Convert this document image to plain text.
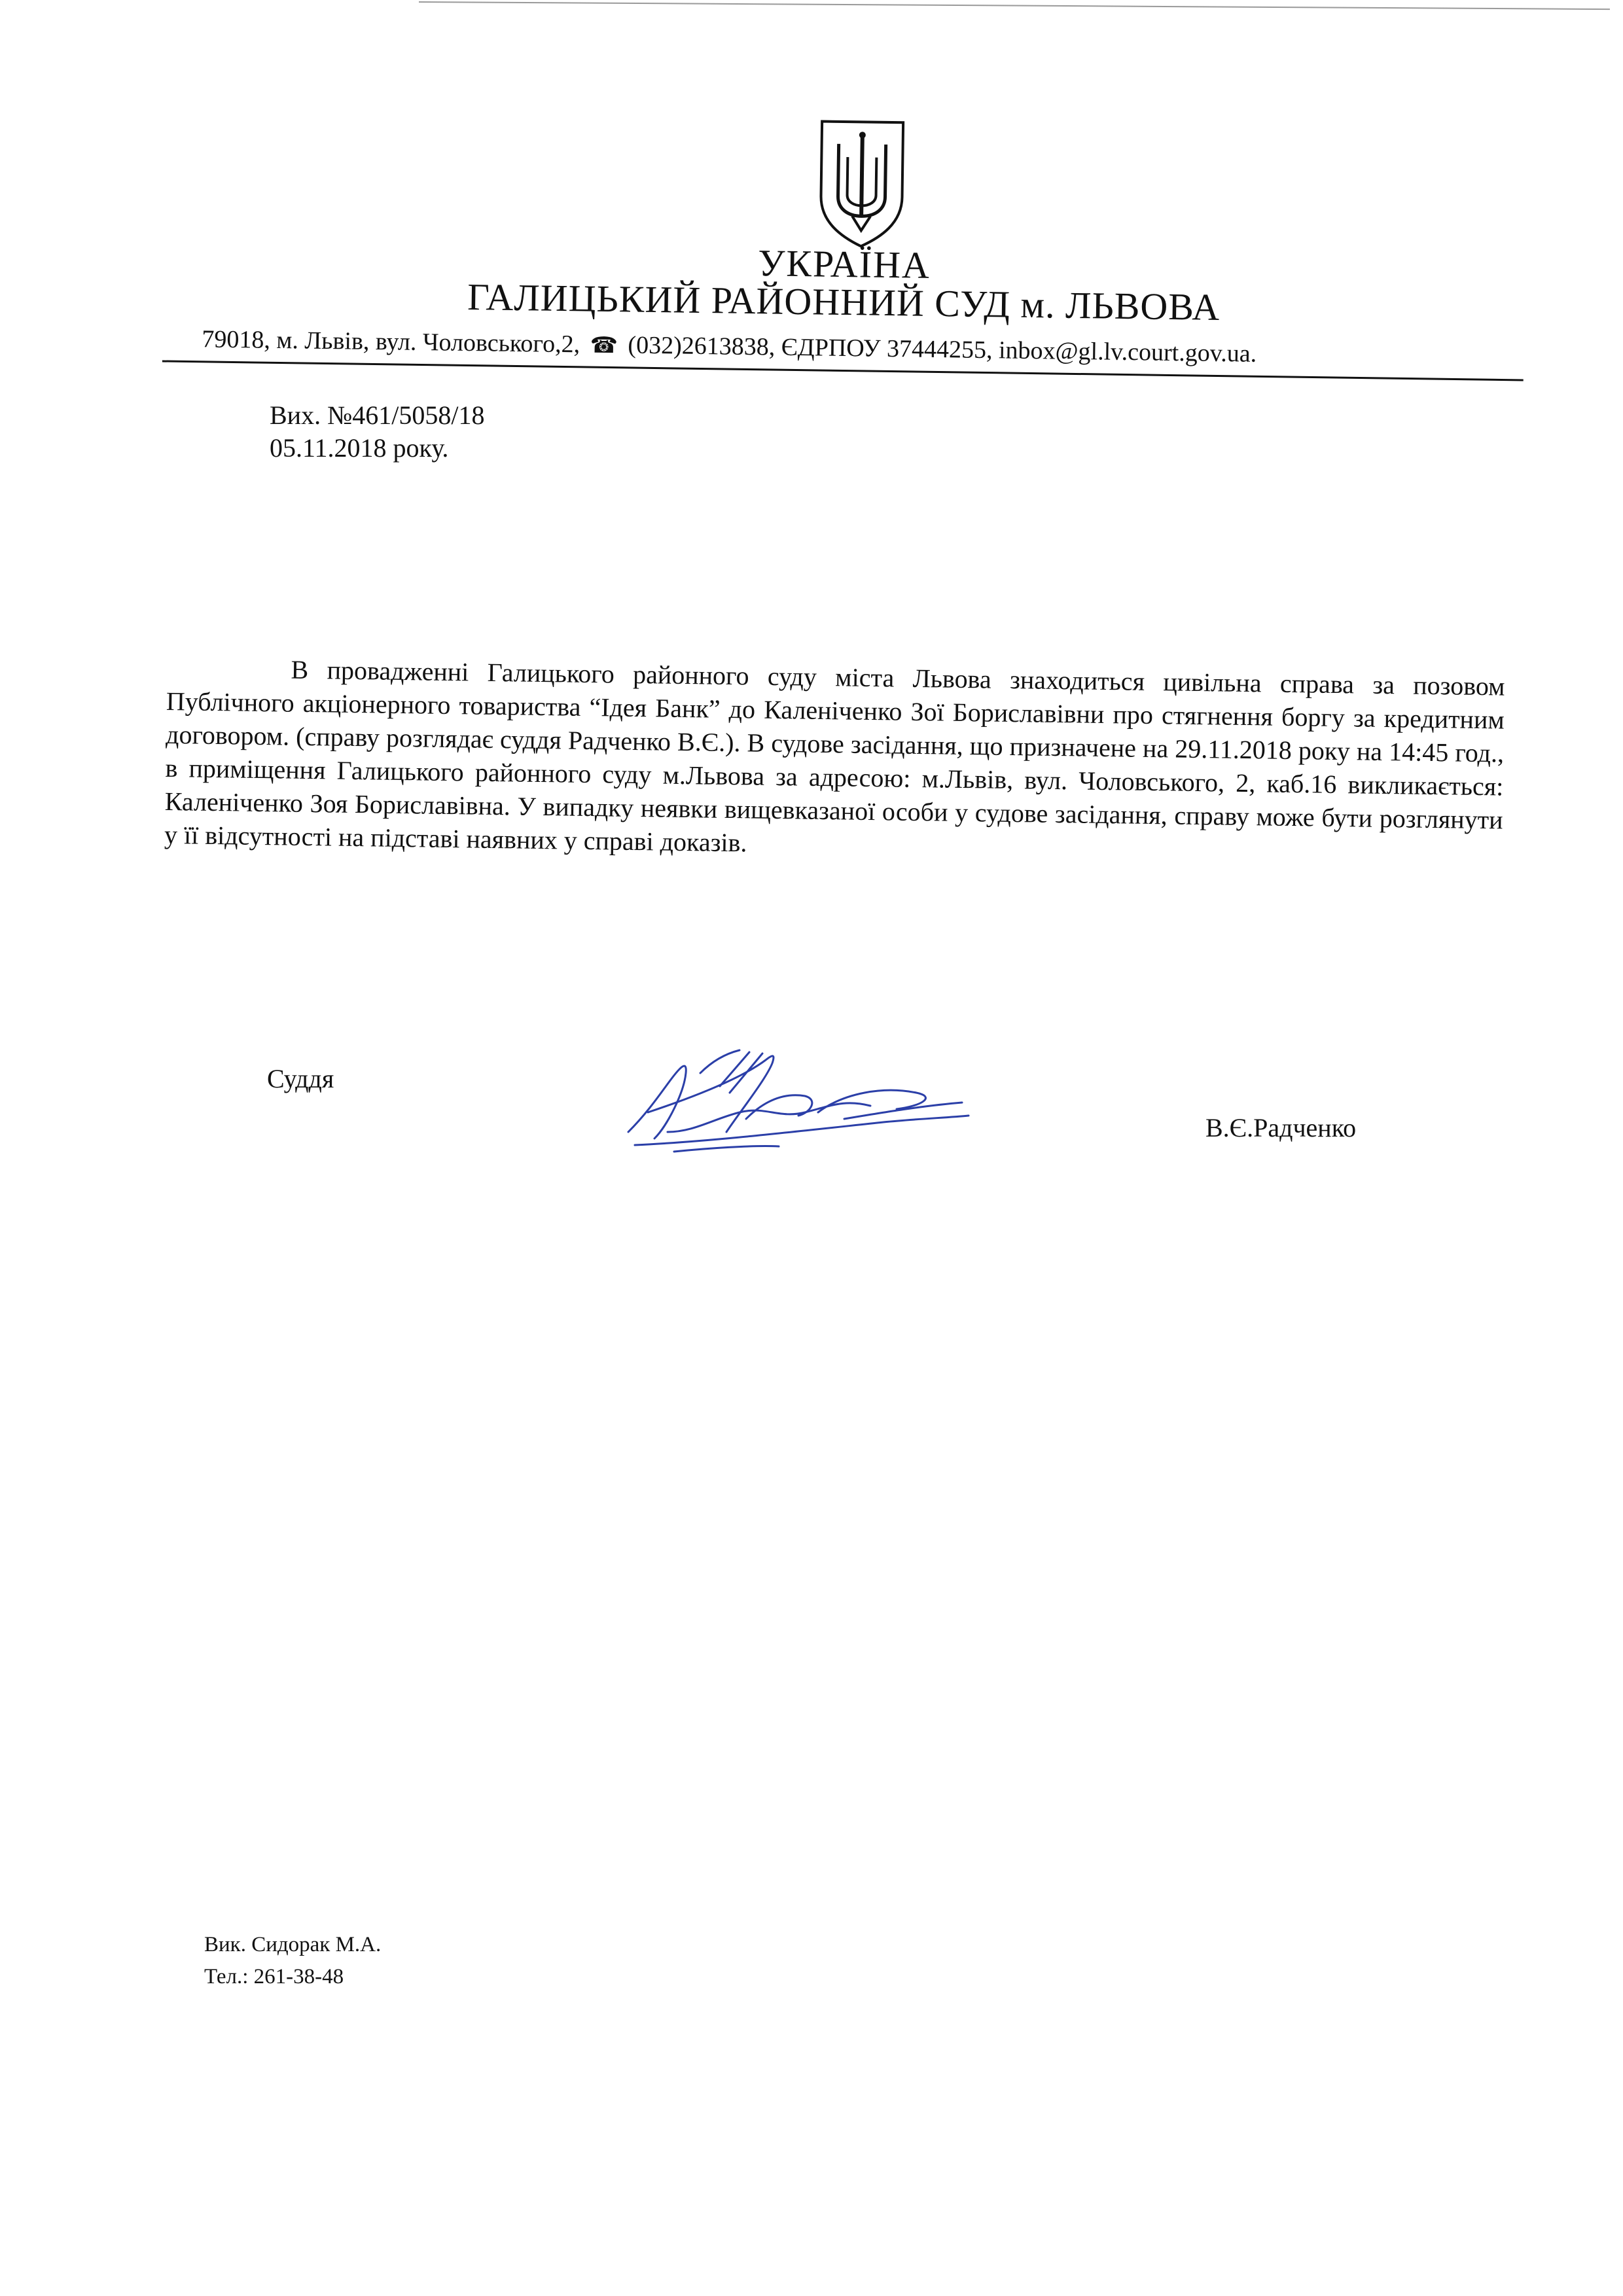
УКРАЇНА
ГАЛИЦЬКИЙ РАЙОННИЙ СУД м. ЛЬВОВА
79018, м. Львів, вул. Чоловського,2, ☎ (032)2613838, ЄДРПОУ 37444255, inbox@gl.lv.court.gov.ua.
Вих. №461/5058/18
05.11.2018 року.

В провадженні Галицького районного суду міста Львова знаходиться цивільна справа за позовом Публічного акціонерного товариства “Ідея Банк” до Каленіченко Зої Бориславівни про стягнення боргу за кредитним договором. (справу розглядає суддя Радченко В.Є.). В судове засідання, що призначене на 29.11.2018 року на 14:45 год., в приміщення Галицького районного суду м.Львова за адресою: м.Львів, вул. Чоловського, 2, каб.16 викликається: Каленіченко Зоя Бориславівна. У випадку неявки вищевказаної особи у судове засідання, справу може бути розглянути у її відсутності на підставі наявних у справі доказів.

Суддя
В.Є.Радченко
Вик. Сидорак М.А.
Тел.: 261-38-48
